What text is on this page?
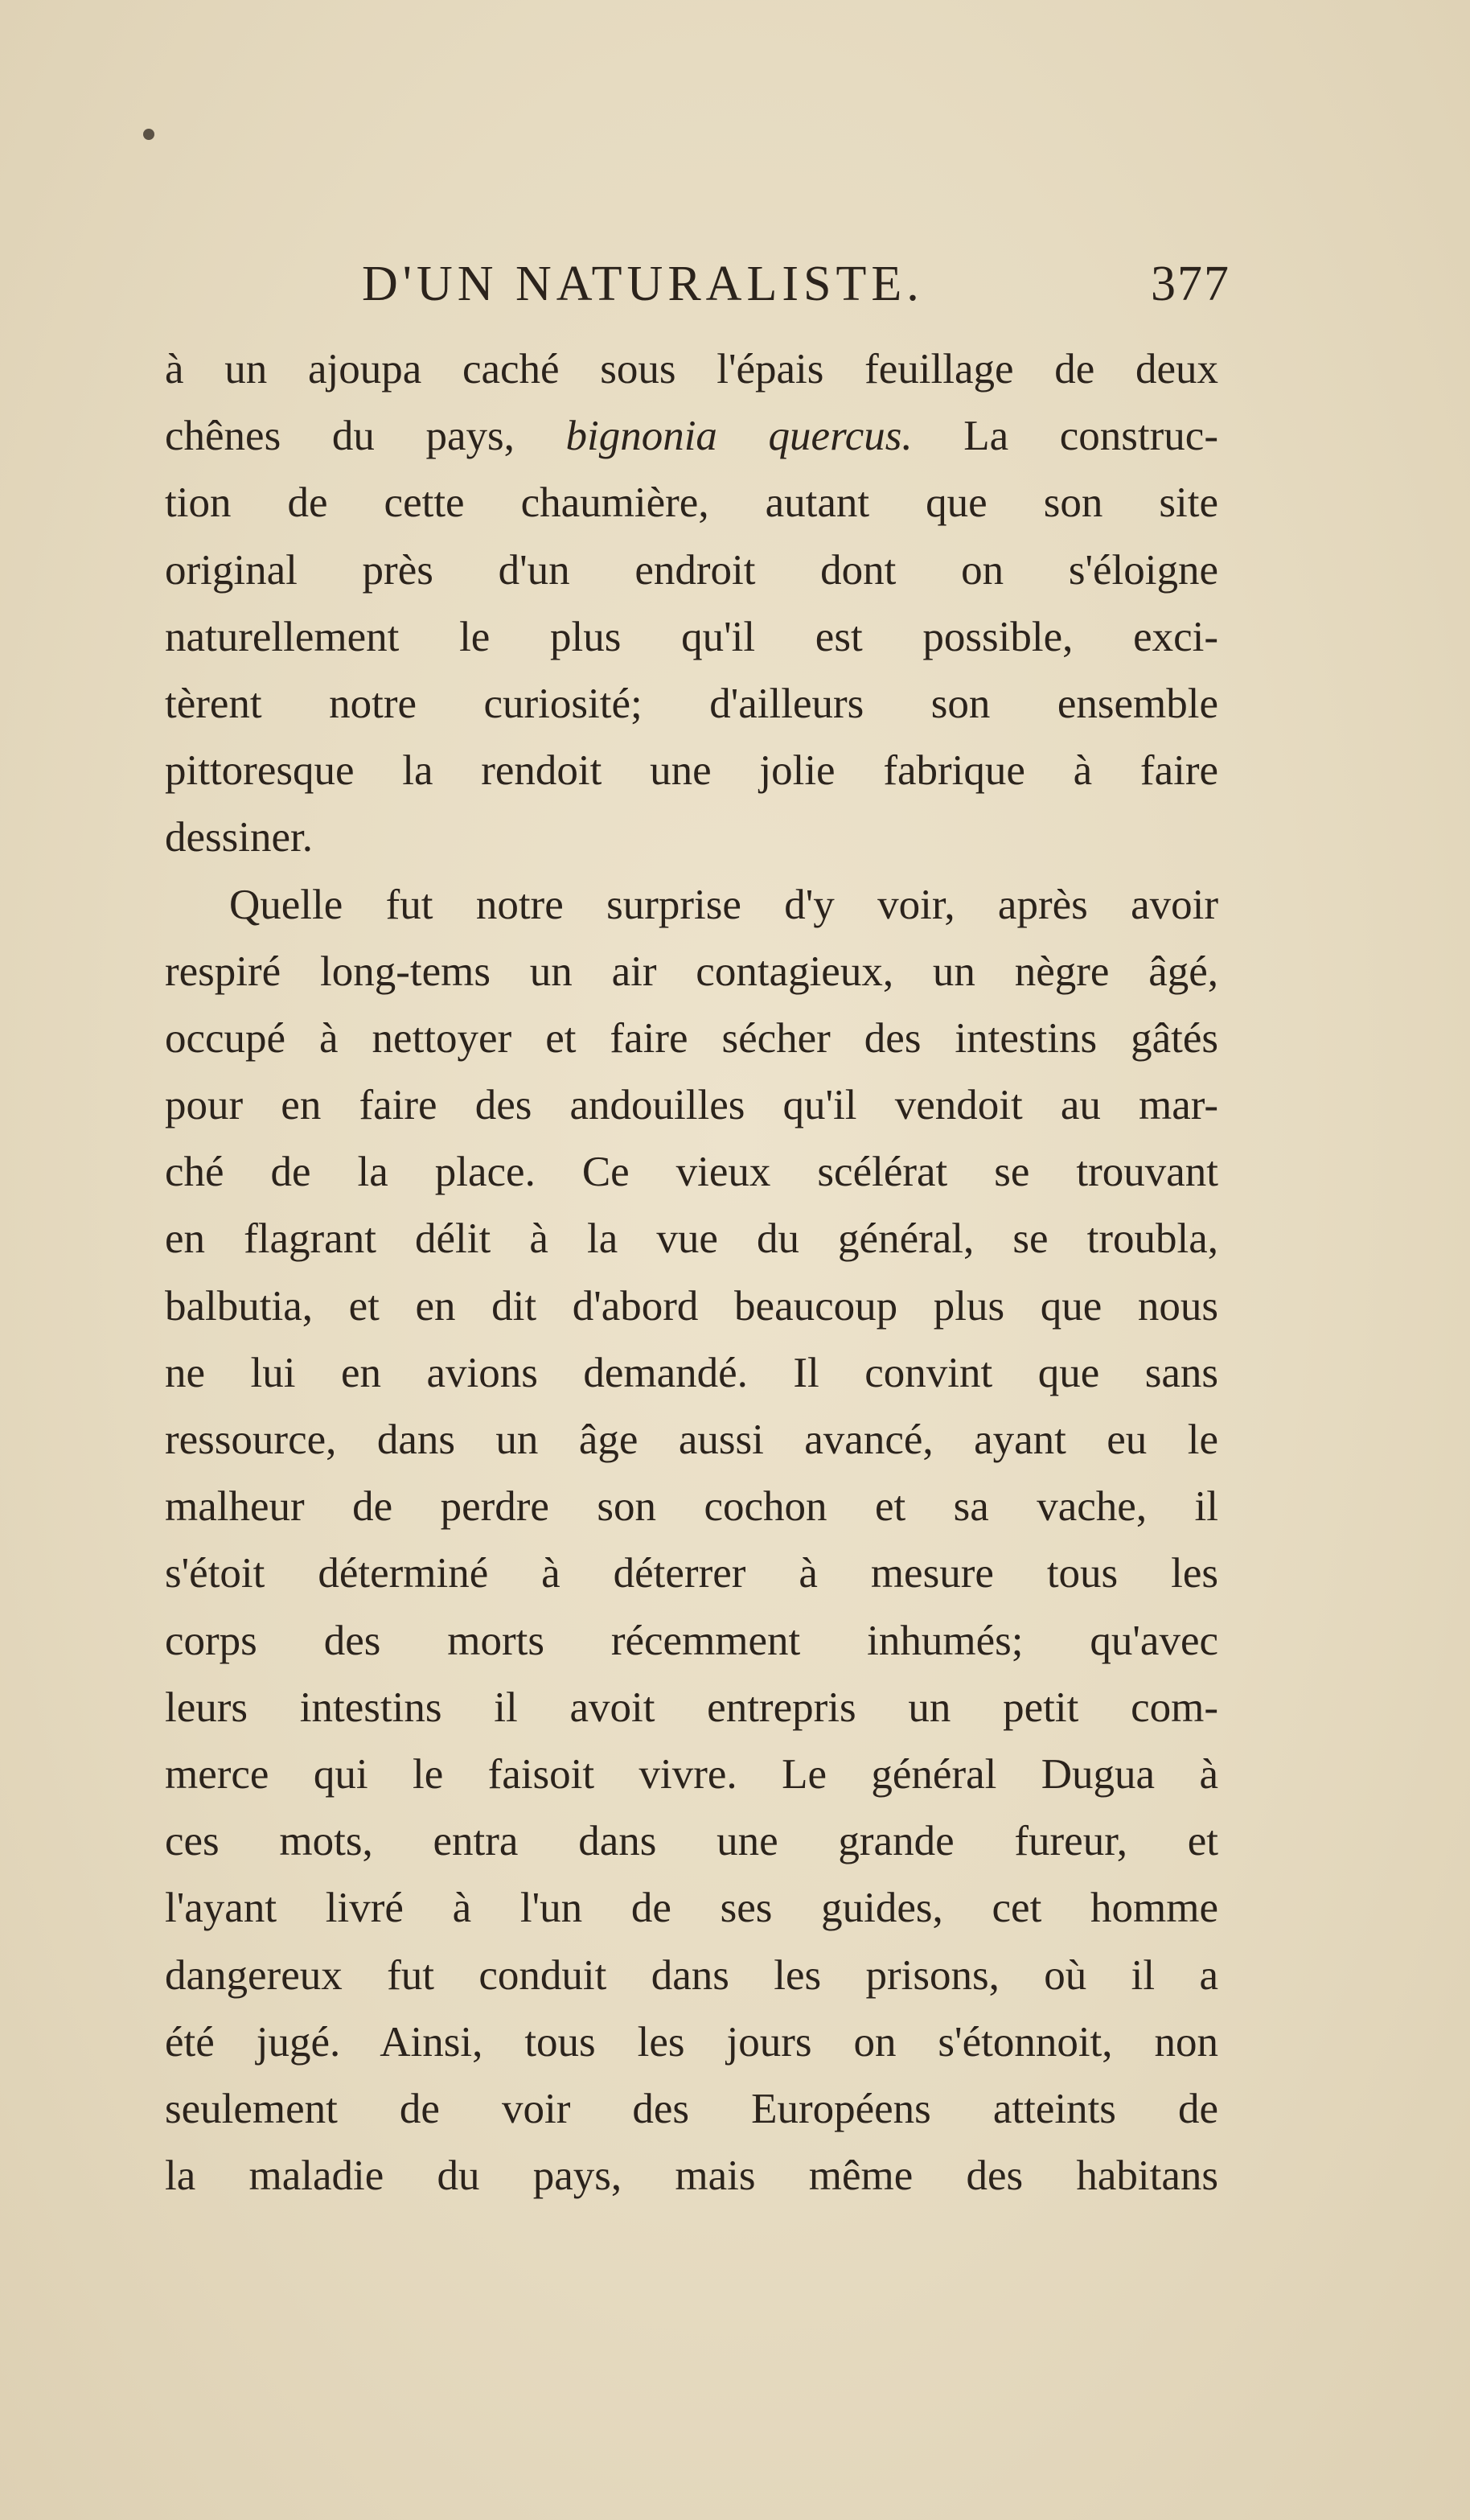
D'UN NATURALISTE.	377
à un ajoupa caché sous l'épais feuillage de deux
chênes du pays, bignonia quercus. La construc-
tion de cette chaumière, autant que son site
original près d'un endroit dont on s'éloigne
naturellement le plus qu'il est possible, exci-
tèrent notre curiosité; d'ailleurs son ensemble
pittoresque la rendoit une jolie fabrique à faire
dessiner.
Quelle fut notre surprise d'y voir, après avoir
respiré long-tems un air contagieux, un nègre âgé,
occupé à nettoyer et faire sécher des intestins gâtés
pour en faire des andouilles qu'il vendoit au mar-
ché de la place. Ce vieux scélérat se trouvant
en flagrant délit à la vue du général, se troubla,
balbutia, et en dit d'abord beaucoup plus que nous
ne lui en avions demandé. Il convint que sans
ressource, dans un âge aussi avancé, ayant eu le
malheur de perdre son cochon et sa vache, il
s'étoit déterminé à déterrer à mesure tous les
corps des morts récemment inhumés; qu'avec
leurs intestins il avoit entrepris un petit com-
merce qui le faisoit vivre. Le général Dugua à
ces mots, entra dans une grande fureur, et
l'ayant livré à l'un de ses guides, cet homme
dangereux fut conduit dans les prisons, où il a
été jugé. Ainsi, tous les jours on s'étonnoit, non
seulement de voir des Européens atteints de
la maladie du pays, mais même des habitans
